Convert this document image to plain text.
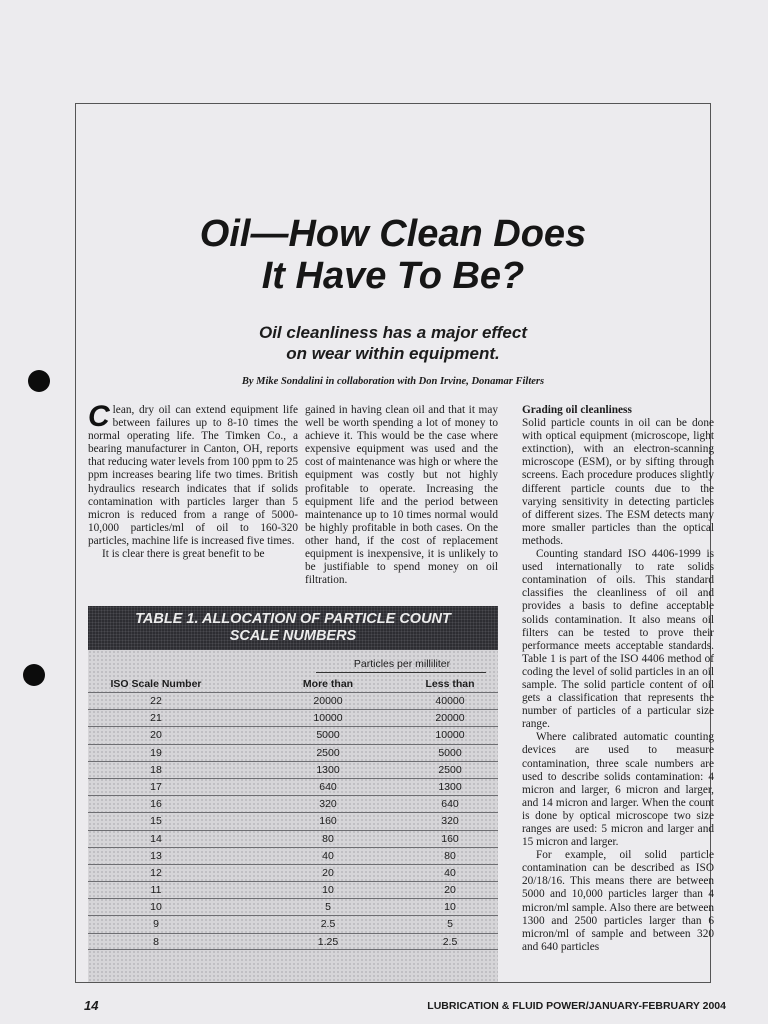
Oil—How Clean Does
It Have To Be?
Oil cleanliness has a major effect
on wear within equipment.
By Mike Sondalini in collaboration with Don Irvine, Donamar Filters

Clean, dry oil can extend equipment life between failures up to 8-10 times the normal operating life. The Timken Co., a bearing manufacturer in Canton, OH, reports that reducing water levels from 100 ppm to 25 ppm increases bearing life two times. British hydraulics research indicates that if solids contamination with particles larger than 5 micron is reduced from a range of 5000-10,000 particles/ml of oil to 160-320 particles, machine life is increased five times.

It is clear there is great benefit to be

gained in having clean oil and that it may well be worth spending a lot of money to achieve it. This would be the case where expensive equipment was used and the cost of maintenance was high or where the equipment was costly but not highly profitable to operate. Increasing the equipment life and the period between maintenance up to 10 times normal would be highly profitable in both cases. On the other hand, if the cost of replacement equipment is inexpensive, it is unlikely to be justifiable to spend money on oil filtration.

Grading oil cleanliness

Solid particle counts in oil can be done with optical equipment (microscope, light extinction), with an electron-scanning microscope (ESM), or by sifting through screens. Each procedure produces slightly different particle counts due to the varying sensitivity in detecting particles of different sizes. The ESM detects many more smaller particles than the optical methods.

Counting standard ISO 4406-1999 is used internationally to rate solids contamination of oils. This standard classifies the cleanliness of oil and provides a basis to define acceptable solids contamination. It also means oil filters can be tested to prove their performance meets acceptable standards. Table 1 is part of the ISO 4406 method of coding the level of solid particles in an oil sample. The solid particle content of oil gets a classification that represents the number of particles of a particular size range.

Where calibrated automatic counting devices are used to measure contamination, three scale numbers are used to describe solids contamination: 4 micron and larger, 6 micron and larger, and 14 micron and larger. When the count is done by optical microscope two size ranges are used: 5 micron and larger and 15 micron and larger.

For example, oil solid particle contamination can be described as ISO 20/18/16. This means there are between 5000 and 10,000 particles larger than 4 micron/ml sample. Also there are between 1300 and 2500 particles larger than 6 micron/ml of sample and between 320 and 640 particles

TABLE 1. ALLOCATION OF PARTICLE COUNT
SCALE NUMBERS
Particles per milliliter
ISO Scale Number	More than	Less than
22	20000	40000
21	10000	20000
20	5000	10000
19	2500	5000
18	1300	2500
17	640	1300
16	320	640
15	160	320
14	80	160
13	40	80
12	20	40
11	10	20
10	5	10
9	2.5	5
8	1.25	2.5
14	LUBRICATION & FLUID POWER/JANUARY-FEBRUARY 2004
